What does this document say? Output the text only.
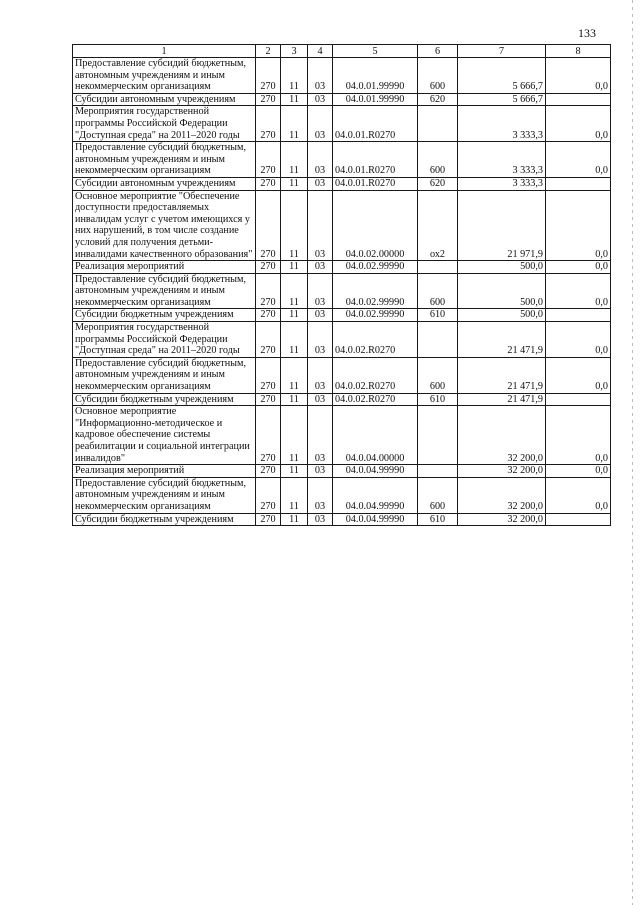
133
1	2	3	4	5	6	7	8
Предоставление субсидий бюджетным, автономным учреждениям и иным некоммерческим организациям	270	11	03	04.0.01.99990	600	5 666,7	0,0
Субсидии автономным учреждениям	270	11	03	04.0.01.99990	620	5 666,7	
Мероприятия государственной программы Российской Федерации "Доступная среда" на 2011–2020 годы	270	11	03	04.0.01.R0270		3 333,3	0,0
Предоставление субсидий бюджетным, автономным учреждениям и иным некоммерческим организациям	270	11	03	04.0.01.R0270	600	3 333,3	0,0
Субсидии автономным учреждениям	270	11	03	04.0.01.R0270	620	3 333,3	
Основное мероприятие "Обеспечение доступности предоставляемых инвалидам услуг с учетом имеющихся у них нарушений, в том числе создание условий для получения детьми-инвалидами качественного образования"	270	11	03	04.0.02.00000	ох2	21 971,9	0,0
Реализация мероприятий	270	11	03	04.0.02.99990		500,0	0,0
Предоставление субсидий бюджетным, автономным учреждениям и иным некоммерческим организациям	270	11	03	04.0.02.99990	600	500,0	0,0
Субсидии бюджетным учреждениям	270	11	03	04.0.02.99990	610	500,0	
Мероприятия государственной программы Российской Федерации "Доступная среда" на 2011–2020 годы	270	11	03	04.0.02.R0270		21 471,9	0,0
Предоставление субсидий бюджетным, автономным учреждениям и иным некоммерческим организациям	270	11	03	04.0.02.R0270	600	21 471,9	0,0
Субсидии бюджетным учреждениям	270	11	03	04.0.02.R0270	610	21 471,9	
Основное мероприятие "Информационно-методическое и кадровое обеспечение системы реабилитации и социальной интеграции инвалидов"	270	11	03	04.0.04.00000		32 200,0	0,0
Реализация мероприятий	270	11	03	04.0.04.99990		32 200,0	0,0
Предоставление субсидий бюджетным, автономным учреждениям и иным некоммерческим организациям	270	11	03	04.0.04.99990	600	32 200,0	0,0
Субсидии бюджетным учреждениям	270	11	03	04.0.04.99990	610	32 200,0	
